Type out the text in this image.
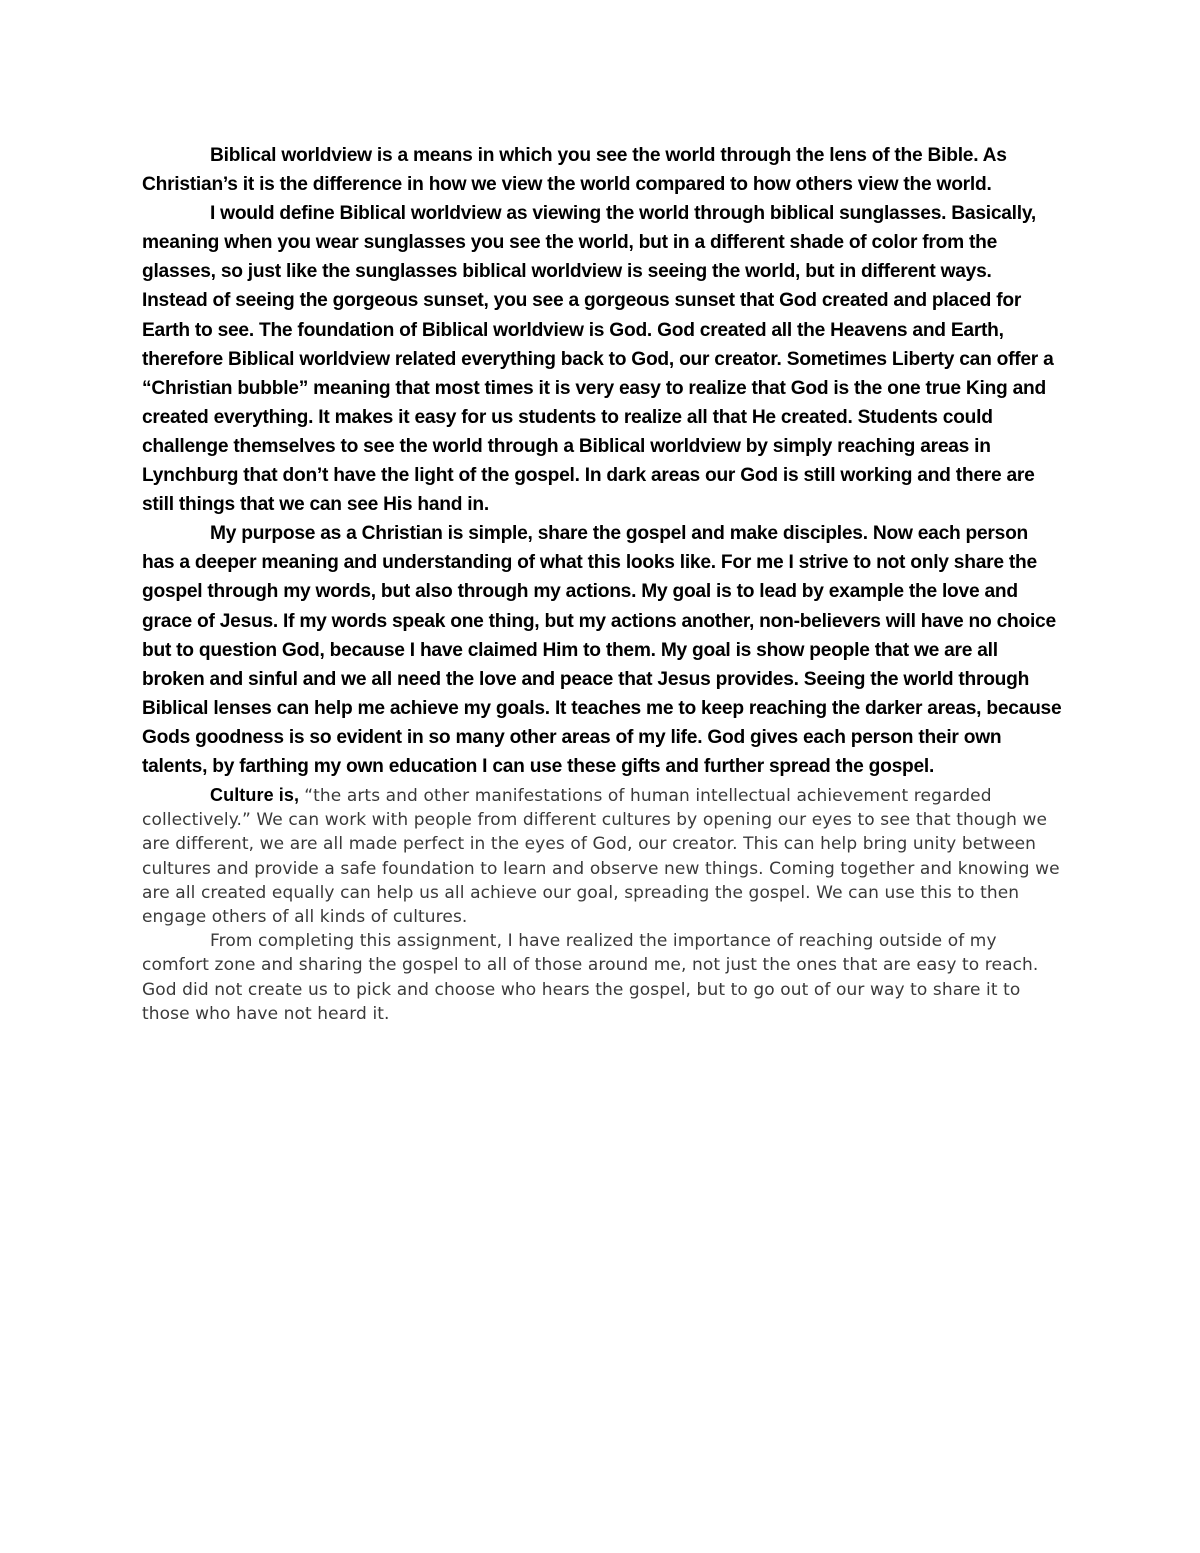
Biblical worldview is a means in which you see the world through the lens of the Bible. As Christian’s it is the difference in how we view the world compared to how others view the world.

I would define Biblical worldview as viewing the world through biblical sunglasses. Basically, meaning when you wear sunglasses you see the world, but in a different shade of color from the glasses, so just like the sunglasses biblical worldview is seeing the world, but in different ways. Instead of seeing the gorgeous sunset, you see a gorgeous sunset that God created and placed for Earth to see. The foundation of Biblical worldview is God. God created all the Heavens and Earth, therefore Biblical worldview related everything back to God, our creator. Sometimes Liberty can offer a “Christian bubble” meaning that most times it is very easy to realize that God is the one true King and created everything. It makes it easy for us students to realize all that He created. Students could challenge themselves to see the world through a Biblical worldview by simply reaching areas in Lynchburg that don’t have the light of the gospel. In dark areas our God is still working and there are still things that we can see His hand in.

My purpose as a Christian is simple, share the gospel and make disciples. Now each person has a deeper meaning and understanding of what this looks like. For me I strive to not only share the gospel through my words, but also through my actions. My goal is to lead by example the love and grace of Jesus. If my words speak one thing, but my actions another, non-believers will have no choice but to question God, because I have claimed Him to them. My goal is show people that we are all broken and sinful and we all need the love and peace that Jesus provides. Seeing the world through Biblical lenses can help me achieve my goals. It teaches me to keep reaching the darker areas, because Gods goodness is so evident in so many other areas of my life. God gives each person their own talents, by farthing my own education I can use these gifts and further spread the gospel.

Culture is, “the arts and other manifestations of human intellectual achievement regarded collectively.” We can work with people from different cultures by opening our eyes to see that though we are different, we are all made perfect in the eyes of God, our creator. This can help bring unity between cultures and provide a safe foundation to learn and observe new things. Coming together and knowing we are all created equally can help us all achieve our goal, spreading the gospel. We can use this to then engage others of all kinds of cultures.

From completing this assignment, I have realized the importance of reaching outside of my comfort zone and sharing the gospel to all of those around me, not just the ones that are easy to reach. God did not create us to pick and choose who hears the gospel, but to go out of our way to share it to those who have not heard it.
